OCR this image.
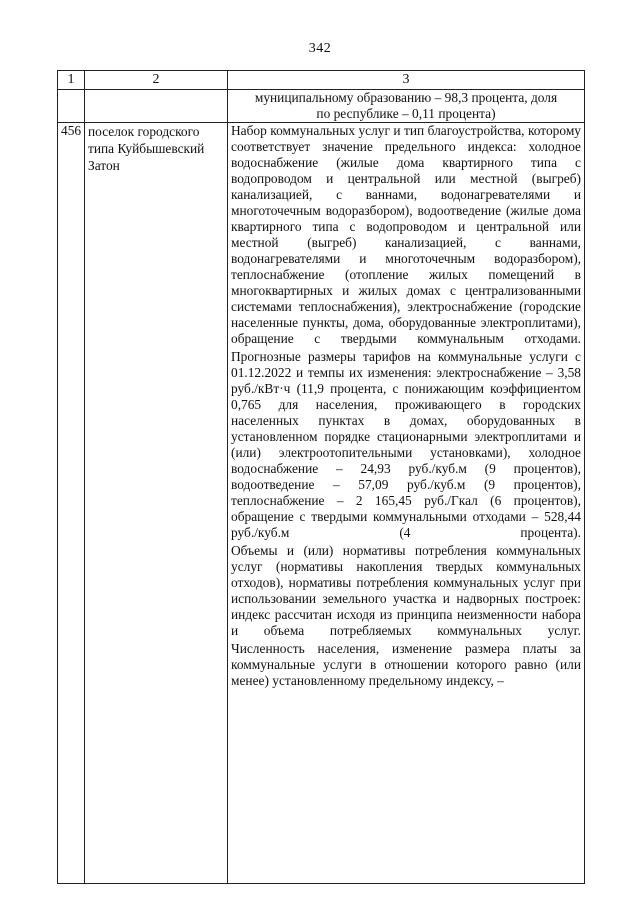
342
1	2	3

		муниципальному образованию – 98,3 процента, доля

по республике – 0,11 процента)

456	поселок городского типа Куйбышевский Затон	Набор коммунальных услуг и тип благоустройства, которому соответствует значение предельного индекса: холодное водоснабжение (жилые дома квартирного типа с водопроводом и центральной или местной (выгреб) канализацией, с ваннами, водонагревателями и многоточечным водоразбором), водоотведение (жилые дома квартирного типа с водопроводом и центральной или местной (выгреб) канализацией, с ваннами, водонагревателями и многоточечным водоразбором), теплоснабжение (отопление жилых помещений в многоквартирных и жилых домах с централизованными системами теплоснабжения), электроснабжение (городские населенные пункты, дома, оборудованные электроплитами), обращение с твердыми коммунальным отходами.

Прогнозные размеры тарифов на коммунальные услуги с 01.12.2022 и темпы их изменения: электроснабжение – 3,58 руб./кВт·ч (11,9 процента, с понижающим коэффициентом 0,765 для населения, проживающего в городских населенных пунктах в домах, оборудованных в установленном порядке стационарными электроплитами и (или) электроотопительными установками), холодное водоснабжение – 24,93 руб./куб.м (9 процентов), водоотведение – 57,09 руб./куб.м (9 процентов), теплоснабжение – 2 165,45 руб./Гкал (6 процентов), обращение с твердыми коммунальными отходами – 528,44 руб./куб.м (4 процента).

Объемы и (или) нормативы потребления коммунальных услуг (нормативы накопления твердых коммунальных отходов), нормативы потребления коммунальных услуг при использовании земельного участка и надворных построек: индекс рассчитан исходя из принципа неизменности набора и объема потребляемых коммунальных услуг.

Численность населения, изменение размера платы за коммунальные услуги в отношении которого равно (или менее) установленному предельному индексу, –
